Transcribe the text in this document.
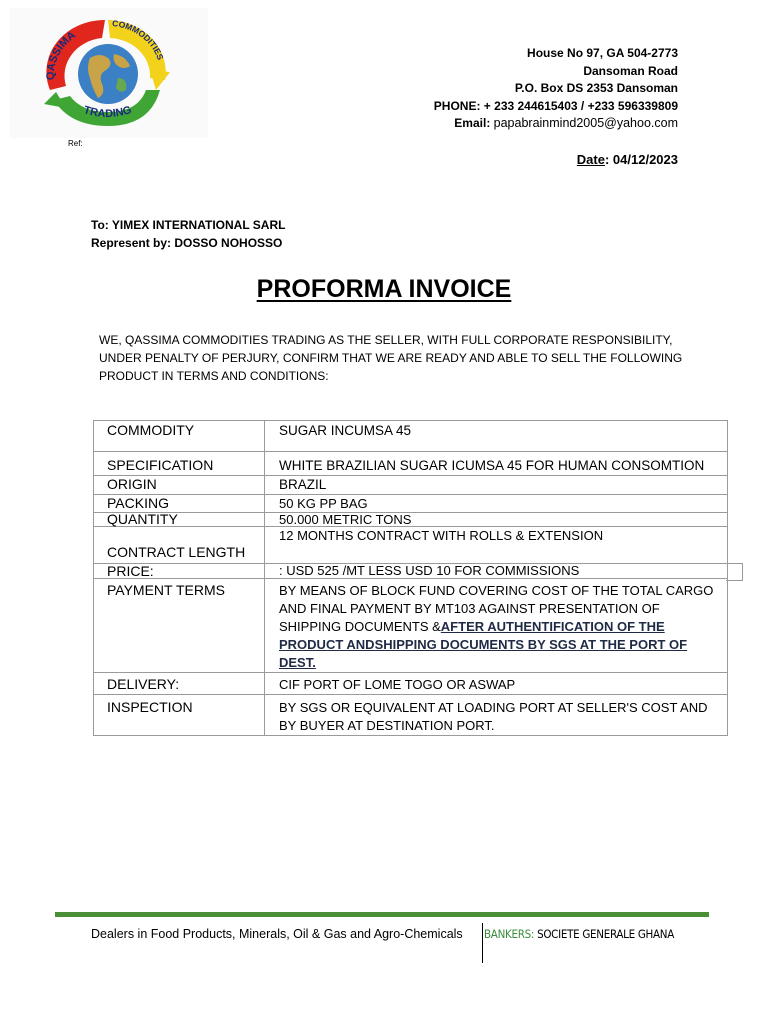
QASSIMA
COMMODITIES
TRADING
House No 97, GA 504-2773
Dansoman Road
P.O. Box DS 2353 Dansoman
PHONE: + 233 244615403 / +233 596339809
Email: papabrainmind2005@yahoo.com
Ref:
Date: 04/12/2023
To: YIMEX INTERNATIONAL SARL
Represent by: DOSSO NOHOSSO
PROFORMA INVOICE
WE, QASSIMA COMMODITIES TRADING AS THE SELLER, WITH FULL CORPORATE RESPONSIBILITY, UNDER PENALTY OF PERJURY, CONFIRM THAT WE ARE READY AND ABLE TO SELL THE FOLLOWING PRODUCT IN TERMS AND CONDITIONS:
COMMODITY	SUGAR INCUMSA 45
SPECIFICATION	WHITE BRAZILIAN SUGAR ICUMSA 45 FOR HUMAN CONSOMTION
ORIGIN	BRAZIL
PACKING	50 KG PP BAG
QUANTITY	50.000 METRIC TONS
CONTRACT LENGTH	12 MONTHS CONTRACT WITH ROLLS & EXTENSION
PRICE:	: USD 525 /MT LESS USD 10 FOR COMMISSIONS
PAYMENT TERMS	BY MEANS OF BLOCK FUND COVERING COST OF THE TOTAL CARGO AND FINAL PAYMENT BY MT103 AGAINST PRESENTATION OF SHIPPING DOCUMENTS &AFTER AUTHENTIFICATION OF THE PRODUCT ANDSHIPPING DOCUMENTS BY SGS AT THE PORT OF DEST.
DELIVERY:	CIF PORT OF LOME TOGO OR ASWAP
INSPECTION	BY SGS OR EQUIVALENT AT LOADING PORT AT SELLER'S COST AND BY BUYER AT DESTINATION PORT.
Dealers in Food Products, Minerals, Oil & Gas and Agro-Chemicals BANKERS: SOCIETE GENERALE GHANA
